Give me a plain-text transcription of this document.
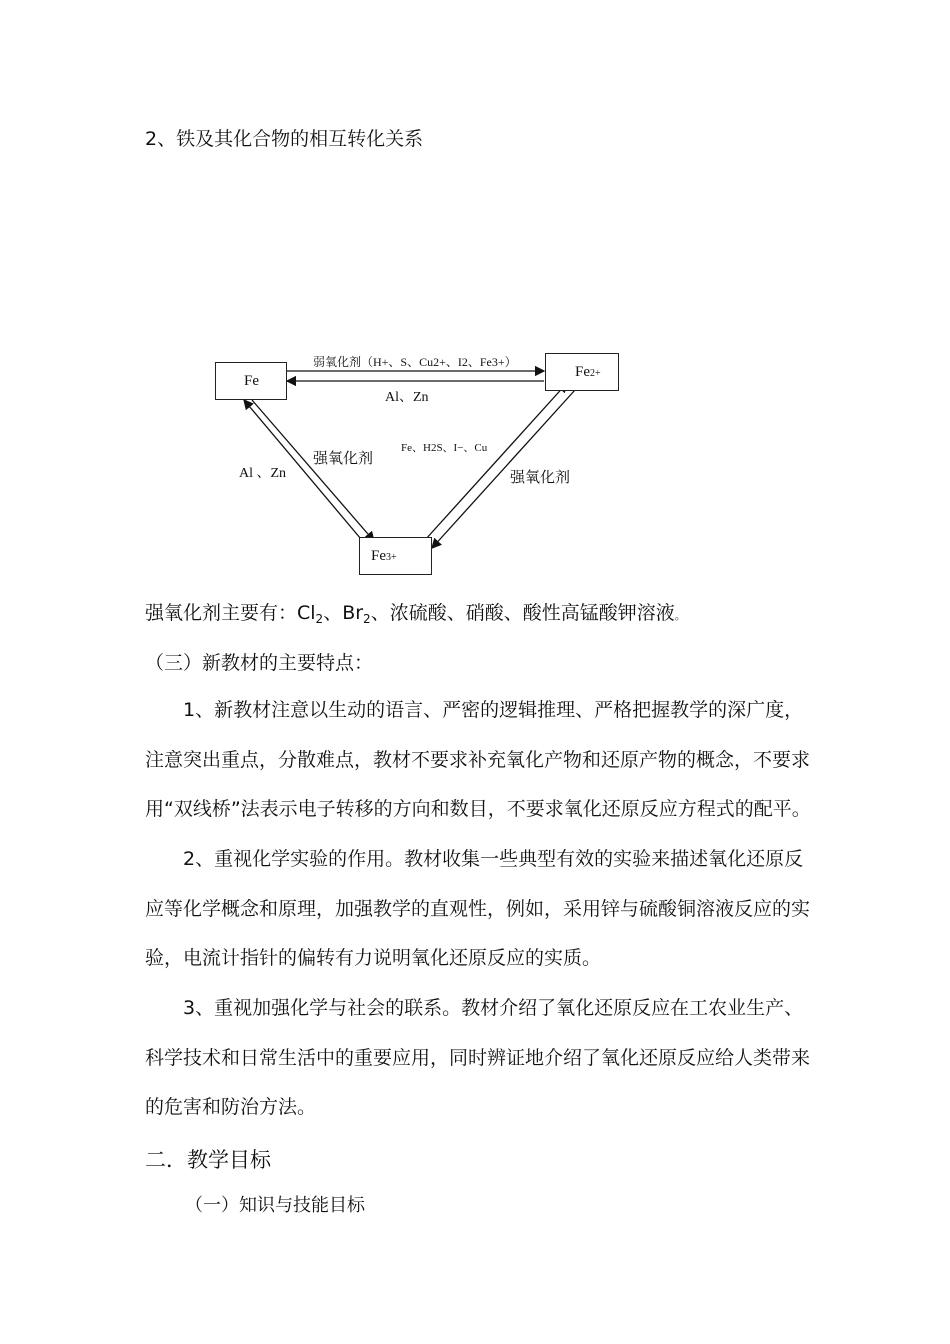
2、铁及其化合物的相互转化关系
Fe
Fe2+
Fe3+
弱氧化剂（H+、S、Cu2+、I2、Fe3+）
Al、Zn
Al 、Zn
强氧化剂
Fe、H2S、I−、Cu
强氧化剂
强氧化剂主要有：$Cl_2$、$Br_2$、浓硫酸、硝酸、酸性高锰酸钾溶液。
（三）新教材的主要特点：
1、新教材注意以生动的语言、严密的逻辑推理、严格把握教学的深广度，
注意突出重点，分散难点，教材不要求补充氧化产物和还原产物的概念，不要求
用“双线桥”法表示电子转移的方向和数目，不要求氧化还原反应方程式的配平。
2、重视化学实验的作用。教材收集一些典型有效的实验来描述氧化还原反
应等化学概念和原理，加强教学的直观性，例如，采用锌与硫酸铜溶液反应的实
验，电流计指针的偏转有力说明氧化还原反应的实质。
3、重视加强化学与社会的联系。教材介绍了氧化还原反应在工农业生产、
科学技术和日常生活中的重要应用，同时辨证地介绍了氧化还原反应给人类带来
的危害和防治方法。
二．教学目标
（一）知识与技能目标
